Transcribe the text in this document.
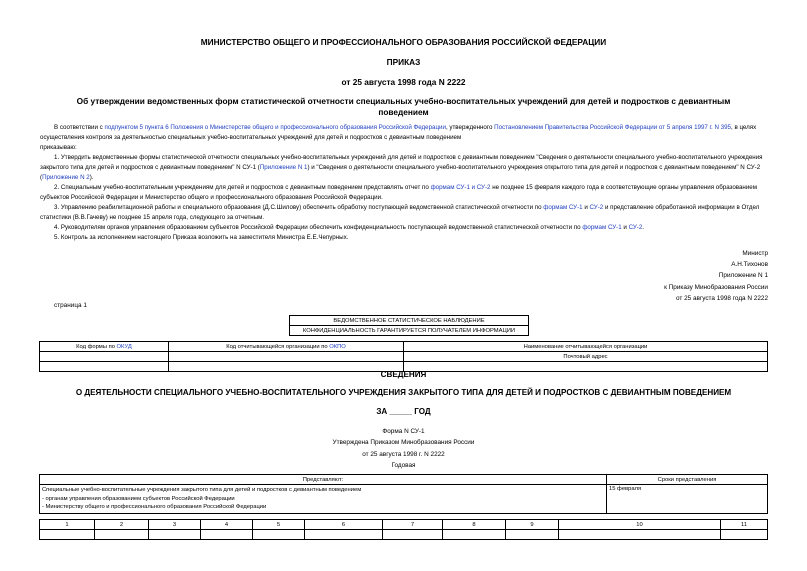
МИНИСТЕРСТВО ОБЩЕГО И ПРОФЕССИОНАЛЬНОГО ОБРАЗОВАНИЯ РОССИЙСКОЙ ФЕДЕРАЦИИ
ПРИКАЗ
от 25 августа 1998 года N 2222
Об утверждении ведомственных форм статистической отчетности специальных учебно-воспитательных учреждений для детей и подростков с девиантным поведением
В соответствии с подпунктом 5 пункта 6 Положения о Министерстве общего и профессионального образования Российской Федерации, утвержденного Постановлением Правительства Российской Федерации от 5 апреля 1997 г. N 395, в целях осуществления контроля за деятельностью специальных учебно-воспитательных учреждений для детей и подростков с девиантным поведением
приказываю:
1. Утвердить ведомственные формы статистической отчетности специальных учебно-воспитательных учреждений для детей и подростков с девиантным поведением "Сведения о деятельности специального учебно-воспитательного учреждения закрытого типа для детей и подростков с девиантным поведением" N СУ-1 (Приложение N 1) и "Сведения о деятельности специального учебно-воспитательного учреждения открытого типа для детей и подростков с девиантным поведением" N СУ-2 (Приложение N 2).
2. Специальным учебно-воспитательным учреждениям для детей и подростков с девиантным поведением представлять отчет по формам СУ-1 и СУ-2 не позднее 15 февраля каждого года в соответствующие органы управления образованием субъектов Российской Федерации и Министерство общего и профессионального образования Российской Федерации.
3. Управлению реабилитационной работы и специального образования (Д.С.Шилову) обеспечить обработку поступающей ведомственной статистической отчетности по формам СУ-1 и СУ-2 и представление обработанной информации в Отдел статистики (В.В.Гачеву) не позднее 15 апреля года, следующего за отчетным.
4. Руководителям органов управления образованием субъектов Российской Федерации обеспечить конфиденциальность поступающей ведомственной статистической отчетности по формам СУ-1 и СУ-2.
5. Контроль за исполнением настоящего Приказа возложить на заместителя Министра Е.Е.Чепурных.
Министр
А.Н.Тихонов
Приложение N 1
к Приказу Минобразования России
от 25 августа 1998 года N 2222
страница 1
	ВЕДОМСТВЕННОЕ СТАТИСТИЧЕСКОЕ НАБЛЮДЕНИЕ	
	КОНФИДЕНЦИАЛЬНОСТЬ ГАРАНТИРУЕТСЯ ПОЛУЧАТЕЛЕМ ИНФОРМАЦИИ	
Код формы по ОКУД	Код отчитывающейся организации по ОКПО	Наименование отчитывающейся организации
		Почтовый адрес

СВЕДЕНИЯ
О ДЕЯТЕЛЬНОСТИ СПЕЦИАЛЬНОГО УЧЕБНО-ВОСПИТАТЕЛЬНОГО УЧРЕЖДЕНИЯ ЗАКРЫТОГО ТИПА ДЛЯ ДЕТЕЙ И ПОДРОСТКОВ С ДЕВИАНТНЫМ ПОВЕДЕНИЕМ
ЗА _____ ГОД
Форма N СУ-1
Утверждена Приказом Минобразования России
от 25 августа 1998 г. N 2222
Годовая
Представляют:	Сроки представления

Специальные учебно-воспитательные учреждения закрытого типа для детей и подростков с девиантным поведением
- органам управления образованием субъектов Российской Федерации
- Министерству общего и профессионального образования Российской Федерации	15 февраля
1	2	3	4	5	6	7	8	9	10	11
